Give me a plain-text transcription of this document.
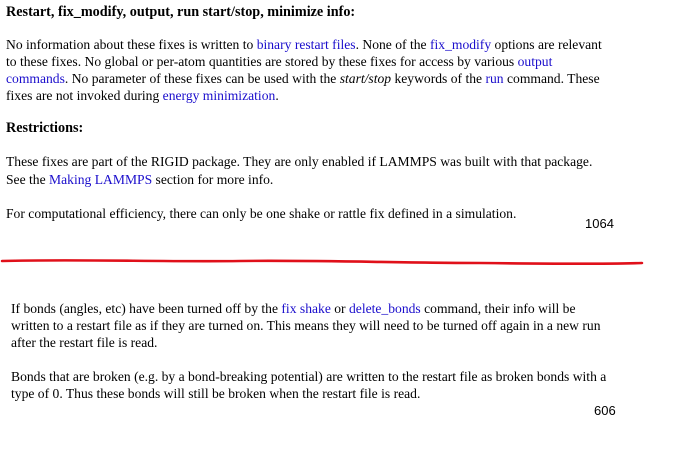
Restart, fix_modify, output, run start/stop, minimize info:
No information about these fixes is written to binary restart files. None of the fix_modify options are relevant
to these fixes. No global or per-atom quantities are stored by these fixes for access by various output
commands. No parameter of these fixes can be used with the start/stop keywords of the run command. These
fixes are not invoked during energy minimization.
Restrictions:
These fixes are part of the RIGID package. They are only enabled if LAMMPS was built with that package.
See the Making LAMMPS section for more info.
For computational efficiency, there can only be one shake or rattle fix defined in a simulation.
1064
If bonds (angles, etc) have been turned off by the fix shake or delete_bonds command, their info will be
written to a restart file as if they are turned on. This means they will need to be turned off again in a new run
after the restart file is read.
Bonds that are broken (e.g. by a bond-breaking potential) are written to the restart file as broken bonds with a
type of 0. Thus these bonds will still be broken when the restart file is read.
606
